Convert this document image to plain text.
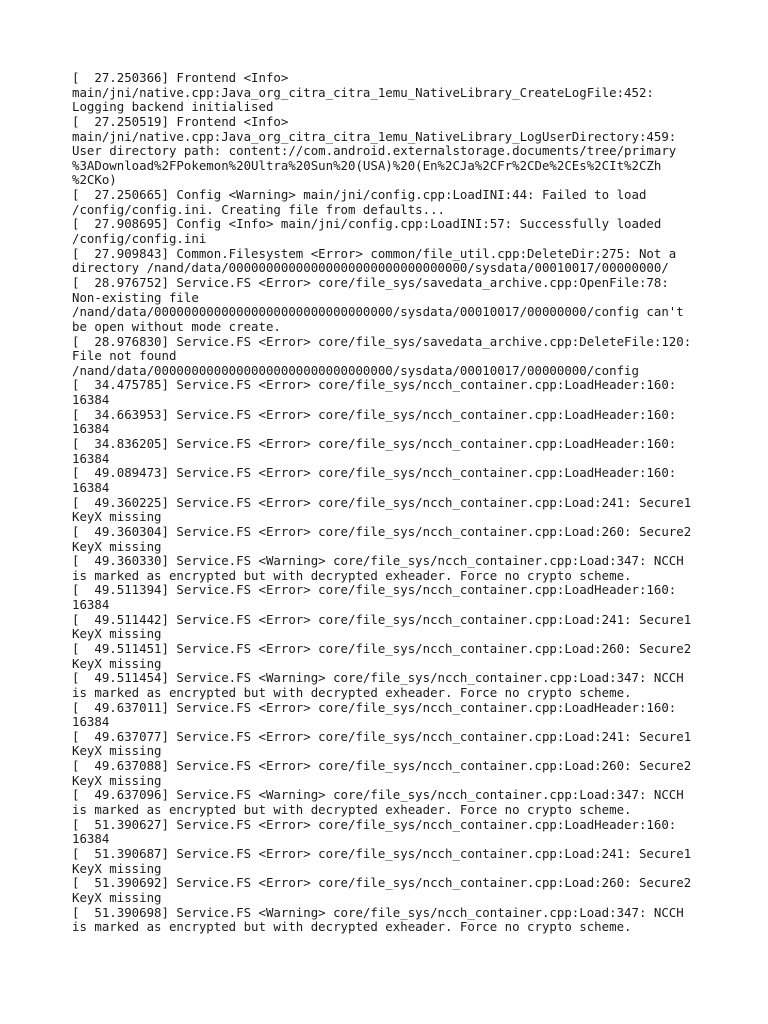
[  27.250366] Frontend <Info>
main/jni/native.cpp:Java_org_citra_citra_1emu_NativeLibrary_CreateLogFile:452:
Logging backend initialised
[  27.250519] Frontend <Info>
main/jni/native.cpp:Java_org_citra_citra_1emu_NativeLibrary_LogUserDirectory:459:
User directory path: content://com.android.externalstorage.documents/tree/primary
%3ADownload%2FPokemon%20Ultra%20Sun%20(USA)%20(En%2CJa%2CFr%2CDe%2CEs%2CIt%2CZh
%2CKo)
[  27.250665] Config <Warning> main/jni/config.cpp:LoadINI:44: Failed to load
/config/config.ini. Creating file from defaults...
[  27.908695] Config <Info> main/jni/config.cpp:LoadINI:57: Successfully loaded
/config/config.ini
[  27.909843] Common.Filesystem <Error> common/file_util.cpp:DeleteDir:275: Not a
directory /nand/data/00000000000000000000000000000000/sysdata/00010017/00000000/
[  28.976752] Service.FS <Error> core/file_sys/savedata_archive.cpp:OpenFile:78:
Non-existing file
/nand/data/00000000000000000000000000000000/sysdata/00010017/00000000/config can't
be open without mode create.
[  28.976830] Service.FS <Error> core/file_sys/savedata_archive.cpp:DeleteFile:120:
File not found
/nand/data/00000000000000000000000000000000/sysdata/00010017/00000000/config
[  34.475785] Service.FS <Error> core/file_sys/ncch_container.cpp:LoadHeader:160:
16384
[  34.663953] Service.FS <Error> core/file_sys/ncch_container.cpp:LoadHeader:160:
16384
[  34.836205] Service.FS <Error> core/file_sys/ncch_container.cpp:LoadHeader:160:
16384
[  49.089473] Service.FS <Error> core/file_sys/ncch_container.cpp:LoadHeader:160:
16384
[  49.360225] Service.FS <Error> core/file_sys/ncch_container.cpp:Load:241: Secure1
KeyX missing
[  49.360304] Service.FS <Error> core/file_sys/ncch_container.cpp:Load:260: Secure2
KeyX missing
[  49.360330] Service.FS <Warning> core/file_sys/ncch_container.cpp:Load:347: NCCH
is marked as encrypted but with decrypted exheader. Force no crypto scheme.
[  49.511394] Service.FS <Error> core/file_sys/ncch_container.cpp:LoadHeader:160:
16384
[  49.511442] Service.FS <Error> core/file_sys/ncch_container.cpp:Load:241: Secure1
KeyX missing
[  49.511451] Service.FS <Error> core/file_sys/ncch_container.cpp:Load:260: Secure2
KeyX missing
[  49.511454] Service.FS <Warning> core/file_sys/ncch_container.cpp:Load:347: NCCH
is marked as encrypted but with decrypted exheader. Force no crypto scheme.
[  49.637011] Service.FS <Error> core/file_sys/ncch_container.cpp:LoadHeader:160:
16384
[  49.637077] Service.FS <Error> core/file_sys/ncch_container.cpp:Load:241: Secure1
KeyX missing
[  49.637088] Service.FS <Error> core/file_sys/ncch_container.cpp:Load:260: Secure2
KeyX missing
[  49.637096] Service.FS <Warning> core/file_sys/ncch_container.cpp:Load:347: NCCH
is marked as encrypted but with decrypted exheader. Force no crypto scheme.
[  51.390627] Service.FS <Error> core/file_sys/ncch_container.cpp:LoadHeader:160:
16384
[  51.390687] Service.FS <Error> core/file_sys/ncch_container.cpp:Load:241: Secure1
KeyX missing
[  51.390692] Service.FS <Error> core/file_sys/ncch_container.cpp:Load:260: Secure2
KeyX missing
[  51.390698] Service.FS <Warning> core/file_sys/ncch_container.cpp:Load:347: NCCH
is marked as encrypted but with decrypted exheader. Force no crypto scheme.
